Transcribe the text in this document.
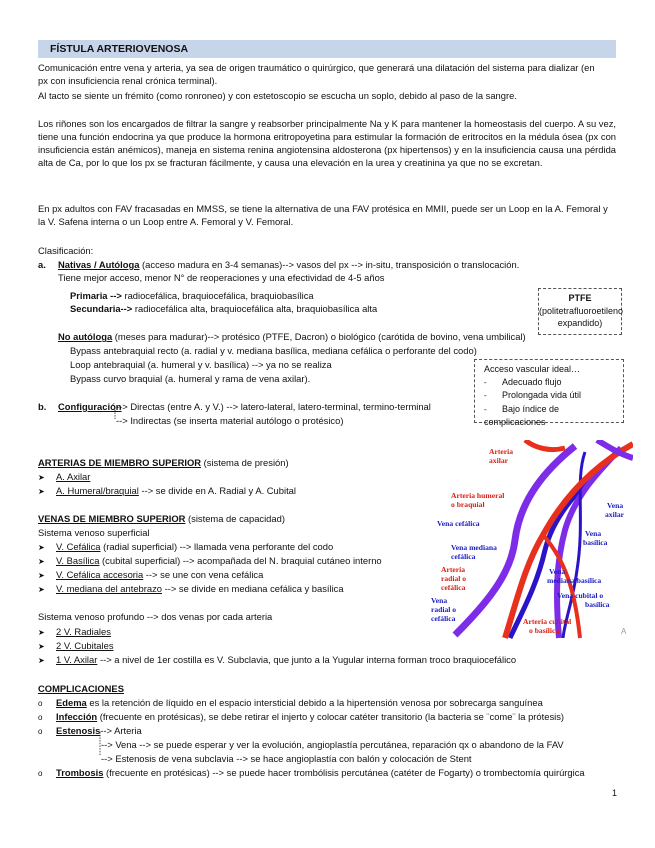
FÍSTULA ARTERIOVENOSA
Comunicación entre vena y arteria, ya sea de origen traumático o quirúrgico, que generará una dilatación del sistema para dializar (en
px con insuficiencia renal crónica terminal).
Al tacto se siente un frémito (como ronroneo) y con estetoscopio se escucha un soplo, debido al paso de la sangre.
Los riñones son los encargados de filtrar la sangre y reabsorber principalmente Na y K para mantener la homeostasis del cuerpo. A su vez, tiene una función endocrina ya que produce la hormona eritropoyetina para estimular la formación de eritrocitos en la médula ósea (px con insuficiencia están anémicos), maneja en sistema renina angiotensina aldosterona (px hipertensos) y en la insuficiencia causa una pérdida alta de Ca, por lo que los px se fracturan fácilmente, y causa una elevación en la urea y creatinina ya que no se excretan.
En px adultos con FAV fracasadas en MMSS, se tiene la alternativa de una FAV protésica en MMII, puede ser un Loop en la A. Femoral y
la V. Safena interna o un Loop entre A. Femoral y V. Femoral.
Clasificación:
a. Nativas / Autóloga (acceso madura en 3-4 semanas)--> vasos del px --> in-situ, transposición o translocación.
Tiene mejor acceso, menor N° de reoperaciones y una efectividad de 4-5 años
Primaria --> radiocefálica, braquiocefálica, braquiobasílica
Secundaria--> radiocefálica alta, braquiocefálica alta, braquiobasílica alta
No autóloga (meses para madurar)--> protésico (PTFE, Dacron) o biológico (carótida de bovino, vena umbilical)
Bypass antebraquial recto (a. radial y v. mediana basílica, mediana cefálica o perforante del codo)
Loop antebraquial (a. humeral y v. basílica) --> ya no se realiza
Bypass curvo braquial (a. humeral y rama de vena axilar).
b. Configuración
--> Directas (entre A. y V.) --> latero-lateral, latero-terminal, termino-terminal
--> Indirectas (se inserta material autólogo o protésico)
PTFE
(politetrafluoroetileno
expandido)
Acceso vascular ideal…
- Adecuado flujo
- Prolongada vida útil
- Bajo índice de complicaciones
ARTERIAS DE MIEMBRO SUPERIOR (sistema de presión)
➤ A. Axilar
➤ A. Humeral/braquial --> se divide en A. Radial y A. Cubital
VENAS DE MIEMBRO SUPERIOR (sistema de capacidad)
Sistema venoso superficial
➤ V. Cefálica (radial superficial) --> llamada vena perforante del codo
➤ V. Basílica (cubital superficial) --> acompañada del N. braquial cutáneo interno
➤ V. Cefálica accesoria --> se une con vena cefálica
➤ V. mediana del antebrazo --> se divide en mediana cefálica y basílica
Sistema venoso profundo --> dos venas por cada arteria
➤ 2 V. Radiales
➤ 2 V. Cubitales
➤ 1 V. Axilar --> a nivel de 1er costilla es V. Subclavia, que junto a la Yugular interna forman troco braquiocefálico
COMPLICACIONES
o Edema es la retención de líquido en el espacio intersticial debido a la hipertensión venosa por sobrecarga sanguínea
o Infección (frecuente en protésicas), se debe retirar el injerto y colocar catéter transitorio (la bacteria se ¨come¨ la prótesis)
o Estenosis--> Arteria
--> Vena --> se puede esperar y ver la evolución, angioplastía percutánea, reparación qx o abandono de la FAV
--> Estenosis de vena subclavia --> se hace angioplastía con balón y colocación de Stent
o Trombosis (frecuente en protésicas) --> se puede hacer trombólisis percutánea (catéter de Fogarty) o trombectomía quirúrgica
1
Arteria
axilar
Arteria humeral
o braquial
Vena cefálica
Vena
axilar
Vena
basílica
Vena mediana
cefálica
Arteria
radial o
cefálica
Vena
mediana basílica
Vena
radial o
cefálica
Vena cubital o
basílica
Arteria cubital
o basílica	A
